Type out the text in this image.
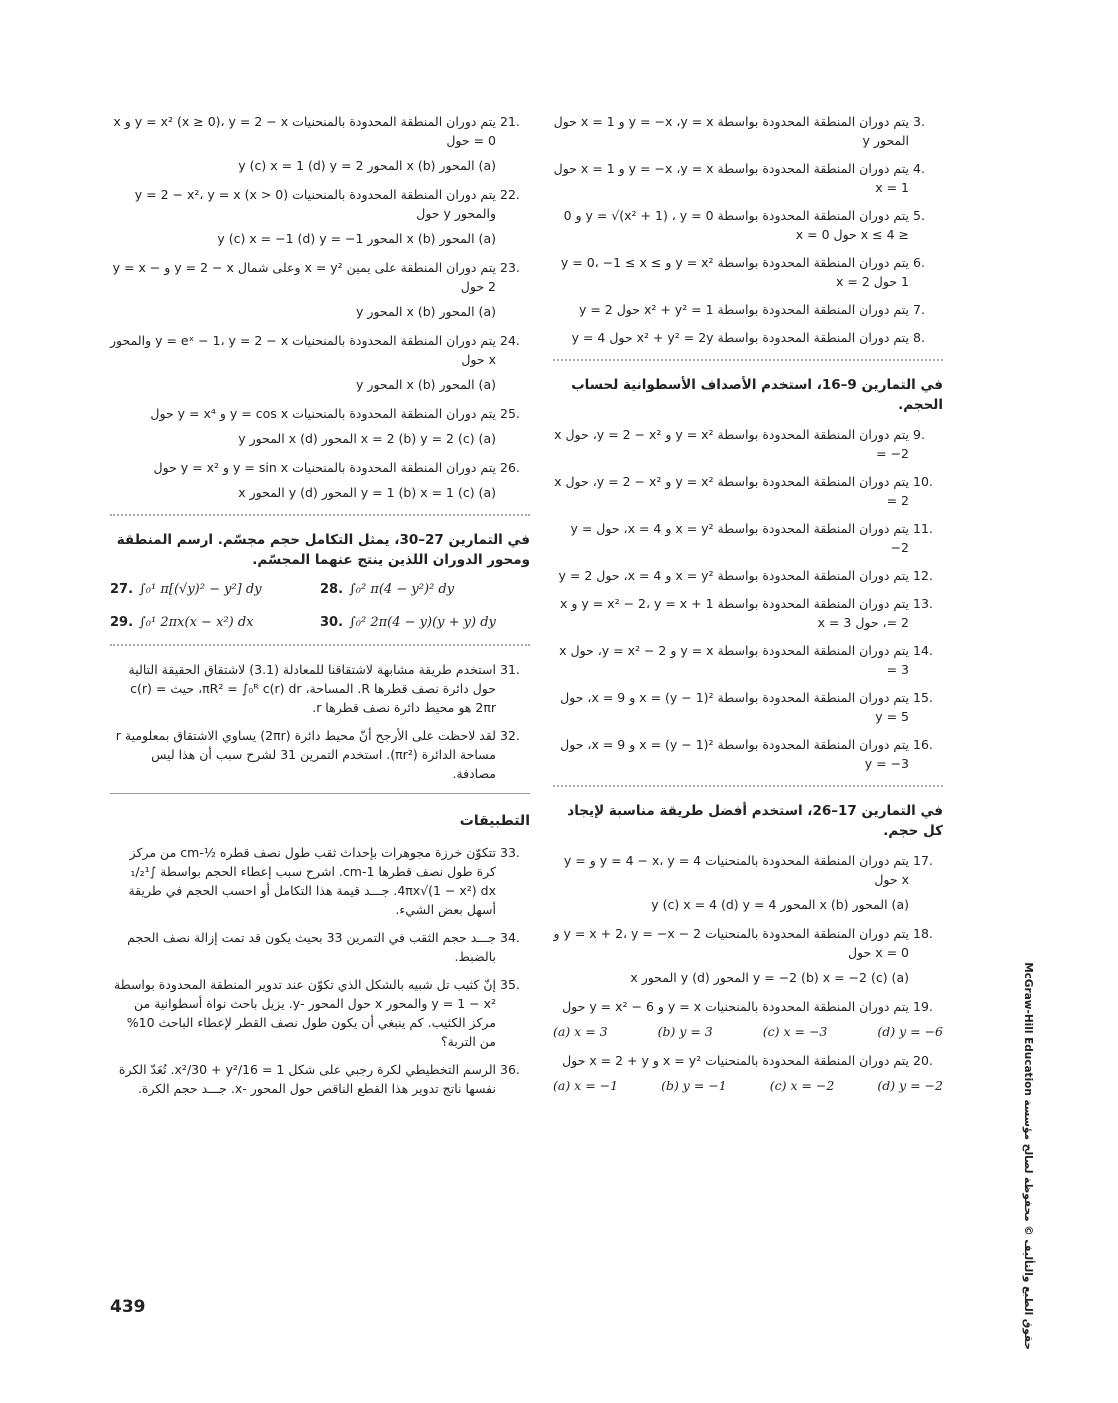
3.
يتم دوران المنطقة المحدودة بواسطة y = −x ،y = x و x = 1 حول المحور y
4.
يتم دوران المنطقة المحدودة بواسطة y = −x ،y = x و x = 1 حول x = 1
5.
يتم دوران المنطقة المحدودة بواسطة y = √(x² + 1) ، y = 0 و 0 ≤ x ≤ 4 حول x = 0
6.
يتم دوران المنطقة المحدودة بواسطة y = x² و y = 0، ‎−1 ≤ x ≤ 1 حول x = 2
7.
يتم دوران المنطقة المحدودة بواسطة x² + y² = 1 حول y = 2
8.
يتم دوران المنطقة المحدودة بواسطة x² + y² = 2y حول y = 4
في التمارين 9–16، استخدم الأصداف الأسطوانية لحساب الحجم.
9.
يتم دوران المنطقة المحدودة بواسطة y = x² و y = 2 − x²، حول x = −2
10.
يتم دوران المنطقة المحدودة بواسطة y = x² و y = 2 − x²، حول x = 2
11.
يتم دوران المنطقة المحدودة بواسطة x = y² و x = 4، حول y = −2
12.
يتم دوران المنطقة المحدودة بواسطة x = y² و x = 4، حول y = 2
13.
يتم دوران المنطقة المحدودة بواسطة y = x² − 2، y = x + 1 و x = 2، حول x = 3
14.
يتم دوران المنطقة المحدودة بواسطة y = x و y = x² − 2، حول x = 3
15.
يتم دوران المنطقة المحدودة بواسطة x = (y − 1)² و x = 9، حول y = 5
16.
يتم دوران المنطقة المحدودة بواسطة x = (y − 1)² و x = 9، حول y = −3
في التمارين 17–26، استخدم أفضل طريقة مناسبة لإيجاد كل حجم.
17.
يتم دوران المنطقة المحدودة بالمنحنيات y = 4 − x، y = 4 و y = x حول
(a) المحور x (b) المحور y (c) x = 4 (d) y = 4
18.
يتم دوران المنطقة المحدودة بالمنحنيات y = x + 2، y = −x − 2 و x = 0 حول
(a) y = −2 (b) x = −2 (c) المحور y (d) المحور x
19.
يتم دوران المنطقة المحدودة بالمنحنيات y = x و y = x² − 6 حول
(a) x = 3	(b) y = 3	(c) x = −3	(d) y = −6
20.
يتم دوران المنطقة المحدودة بالمنحنيات x = y² و x = 2 + y حول
(a) x = −1	(b) y = −1	(c) x = −2	(d) y = −2
21.
يتم دوران المنطقة المحدودة بالمنحنيات y = x² (x ≥ 0)، y = 2 − x و x = 0 حول
(a) المحور x (b) المحور y (c) x = 1 (d) y = 2
22.
يتم دوران المنطقة المحدودة بالمنحنيات y = 2 − x²، y = x (x > 0) والمحور y حول
(a) المحور x (b) المحور y (c) x = −1 (d) y = −1
23.
يتم دوران المنطقة على يمين x = y² وعلى شمال y = 2 − x و y = x − 2 حول
(a) المحور x (b) المحور y
24.
يتم دوران المنطقة المحدودة بالمنحنيات y = eˣ − 1، y = 2 − x والمحور x حول
(a) المحور x (b) المحور y
25.
يتم دوران المنطقة المحدودة بالمنحنيات y = cos x و y = x⁴ حول
(a) x = 2 (b) y = 2 (c) المحور x (d) المحور y
26.
يتم دوران المنطقة المحدودة بالمنحنيات y = sin x و y = x² حول
(a) y = 1 (b) x = 1 (c) المحور y (d) المحور x
في التمارين 27–30، يمثل التكامل حجم مجسّم. ارسم المنطقة ومحور الدوران اللذين ينتج عنهما المجسّم.
27. ∫₀¹ π[(√y)² − y²] dy	28. ∫₀² π(4 − y²)² dy
29. ∫₀¹ 2πx(x − x²) dx	30. ∫₀² 2π(4 − y)(y + y) dy
31.
استخدم طريقة مشابهة لاشتقاقنا للمعادلة (3.1) لاشتقاق الحقيقة التالية حول دائرة نصف قطرها R. المساحة، πR² = ∫₀ᴿ c(r) dr، حيث c(r) = 2πr هو محيط دائرة نصف قطرها r.
32.
لقد لاحظت على الأرجح أنّ محيط دائرة (2πr) يساوي الاشتقاق بمعلومية r مساحة الدائرة (πr²). استخدم التمرين 31 لشرح سبب أن هذا ليس مصادفة.
التطبيقات
33.
تتكوّن خرزة مجوهرات بإحداث ثقب طول نصف قطره ½-cm من مركز كرة طول نصف قطرها 1-cm. اشرح سبب إعطاء الحجم بواسطة ∫₁/₂¹ 4πx√(1 − x²) dx. جـــد قيمة هذا التكامل أو احسب الحجم في طريقة أسهل بعض الشيء.
34.
جـــد حجم الثقب في التمرين 33 بحيث يكون قد تمت إزالة نصف الحجم بالضبط.
35.
إنّ كثيب تل شبيه بالشكل الذي تكوّن عند تدوير المنطقة المحدودة بواسطة y = 1 − x² والمحور x حول المحور -y. يزيل باحث نواة أسطوانية من مركز الكثيب. كم ينبغي أن يكون طول نصف القطر لإعطاء الباحث 10% من التربة؟
36.
الرسم التخطيطي لكرة رجبي على شكل x²/30 + y²/16 = 1. تُعَدّ الكرة نفسها ناتج تدوير هذا القطع الناقص حول المحور -x. جـــد حجم الكرة.
439
حقوق الطبع والتأليف © محفوظة لصالح مؤسسة McGraw-Hill Education
